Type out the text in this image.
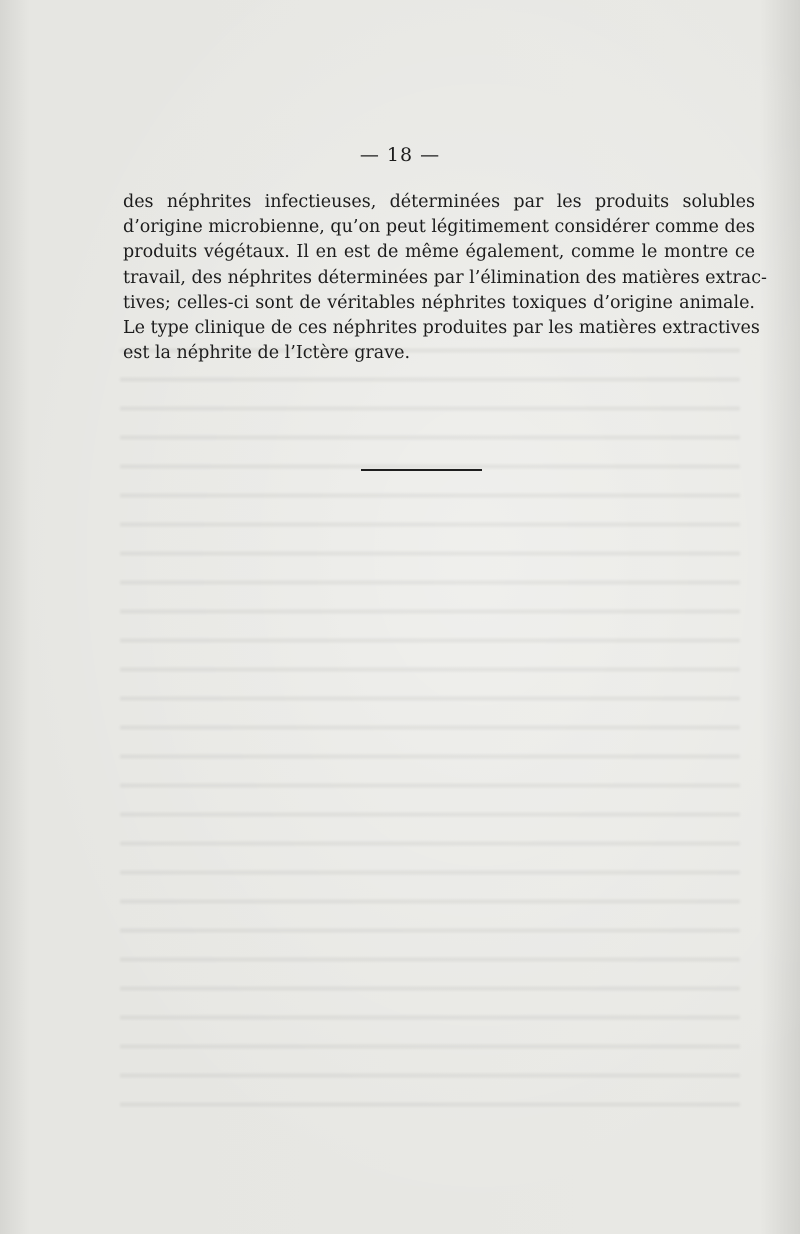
— 18 —
des néphrites infectieuses, déterminées par les produits solubles
d’origine microbienne, qu’on peut légitimement considérer comme des
produits végétaux. Il en est de même également, comme le montre ce
travail, des néphrites déterminées par l’élimination des matières extrac-
tives; celles-ci sont de véritables néphrites toxiques d’origine animale.
Le type clinique de ces néphrites produites par les matières extractives
est la néphrite de l’Ictère grave.
